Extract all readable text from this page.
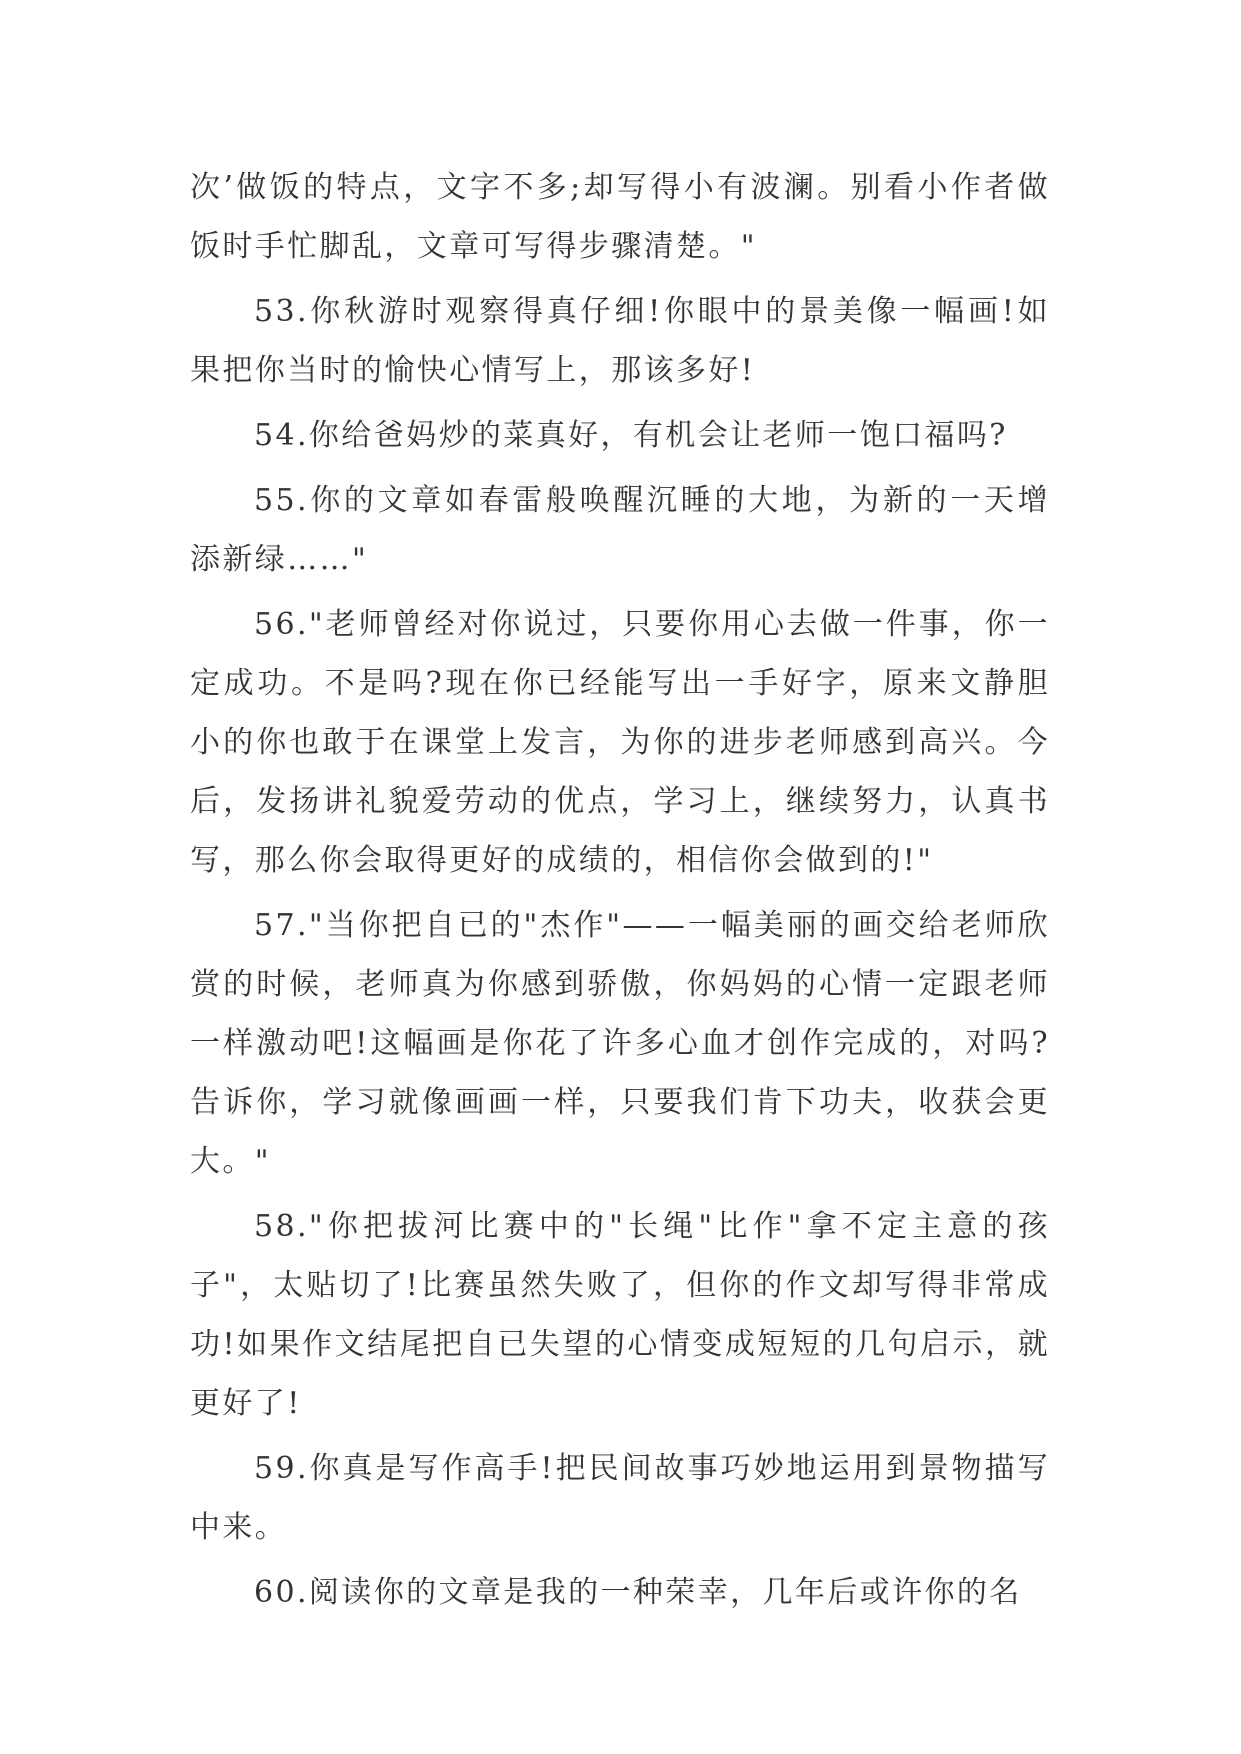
次’做饭的特点，文字不多;却写得小有波澜。别看小作者做饭时手忙脚乱，文章可写得步骤清楚。"

53.你秋游时观察得真仔细!你眼中的景美像一幅画!如果把你当时的愉快心情写上，那该多好!

54.你给爸妈炒的菜真好，有机会让老师一饱口福吗?

55.你的文章如春雷般唤醒沉睡的大地，为新的一天增添新绿……"

56."老师曾经对你说过，只要你用心去做一件事，你一定成功。不是吗?现在你已经能写出一手好字，原来文静胆小的你也敢于在课堂上发言，为你的进步老师感到高兴。今后，发扬讲礼貌爱劳动的优点，学习上，继续努力，认真书写，那么你会取得更好的成绩的，相信你会做到的!"

57."当你把自已的"杰作"——一幅美丽的画交给老师欣赏的时候，老师真为你感到骄傲，你妈妈的心情一定跟老师一样激动吧!这幅画是你花了许多心血才创作完成的，对吗?告诉你，学习就像画画一样，只要我们肯下功夫，收获会更大。"

58."你把拔河比赛中的"长绳"比作"拿不定主意的孩子"，太贴切了!比赛虽然失败了，但你的作文却写得非常成功!如果作文结尾把自已失望的心情变成短短的几句启示，就更好了!

59.你真是写作高手!把民间故事巧妙地运用到景物描写中来。

60.阅读你的文章是我的一种荣幸，几年后或许你的名
